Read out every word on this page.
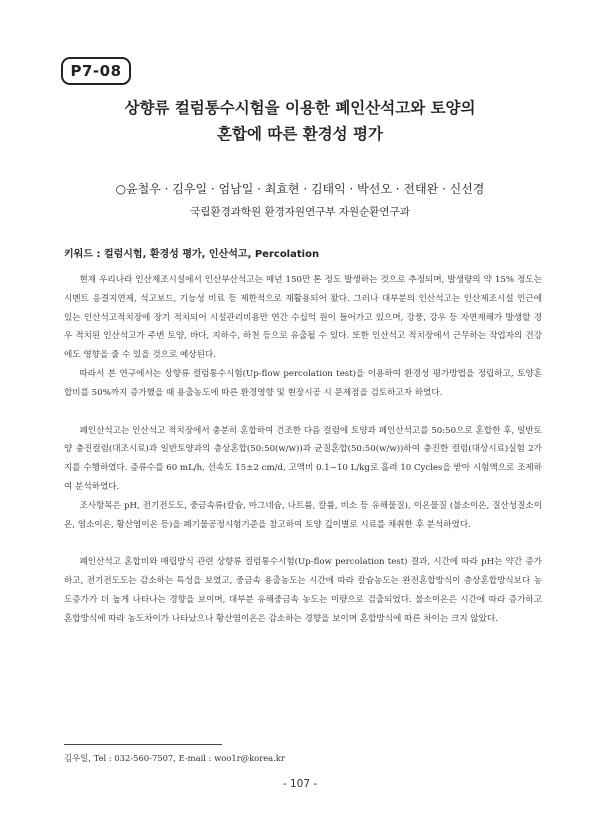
P7-08
상향류 컬럼통수시험을 이용한 폐인산석고와 토양의
혼합에 따른 환경성 평가
○윤철우 · 김우일 · 엄남일 · 최효현 · 김태익 · 박선오 · 전태완 · 신선경
국립환경과학원 환경자원연구부 자원순환연구과
키워드 : 컬럼시험, 환경성 평가, 인산석고, Percolation

현재 우리나라 인산제조시설에서 인산부산석고는 매년 150만 톤 정도 발생하는 것으로 추정되며, 발생량의 약 15% 정도는 시멘트 응결지연제, 석고보드, 기능성 비료 등 제한적으로 재활용되어 왔다. 그러나 대부분의 인산석고는 인산제조시설 인근에 있는 인산석고적치장에 장기 적치되어 시설관리비용만 연간 수십억 원이 들어가고 있으며, 강풍, 강우 등 자연재해가 발생할 경우 적치된 인산석고가 주변 토양, 바다, 지하수, 하천 등으로 유출될 수 있다. 또한 인산석고 적치장에서 근무하는 작업자의 건강에도 영향을 줄 수 있을 것으로 예상된다.

따라서 본 연구에서는 상향류 컬럼통수시험(Up-flow percolation test)을 이용하여 환경성 평가방법을 정립하고, 토양혼합비를 50%까지 증가했을 때 용출농도에 따른 환경영향 및 현장시공 시 문제점을 검토하고자 하였다.

폐인산석고는 인산석고 적치장에서 충분히 혼합하여 건조한 다음 컬럼에 토양과 폐인산석고를 50:50으로 혼합한 후, 일반토양 충진컬럼(대조시료)과 일반토양과의 층상혼합(50:50(w/w))과 균질혼합(50:50(w/w))하여 충진한 컬럼(대상시료)실험 2가지를 수행하였다. 증류수를 60 mL/h, 선속도 15±2 cm/d, 고액비 0.1~10 L/kg로 흘려 10 Cycles을 받아 시험액으로 조제하여 분석하였다.

조사항목은 pH, 전기전도도, 중금속류(칼슘, 마그네슘, 나트륨, 칼륨, 비소 등 유해물질), 이온물질 (불소이온, 질산성질소이온, 염소이온, 황산염이온 등)을 폐기물공정시험기준을 참고하여 토양 깊이별로 시료를 채취한 후 분석하였다.

폐인산석고 혼합비와 매립방식 관련 상향류 컬럼통수시험(Up-flow percolation test) 결과, 시간에 따라 pH는 약간 증가하고, 전기전도도는 감소하는 특성을 보였고, 중금속 용출농도는 시간에 따라 칼슘농도는 완전혼합방식이 층상혼합방식보다 농도증가가 더 높게 나타나는 경향을 보이며, 대부분 유해중금속 농도는 미량으로 검출되었다. 불소이온은 시간에 따라 증가하고 혼합방식에 따라 농도차이가 나타났으나 황산염이온은 감소하는 경향을 보이며 혼합방식에 따른 차이는 크지 않았다.

김우일, Tel : 032-560-7507, E-mail : woo1r@korea.kr
- 107 -
